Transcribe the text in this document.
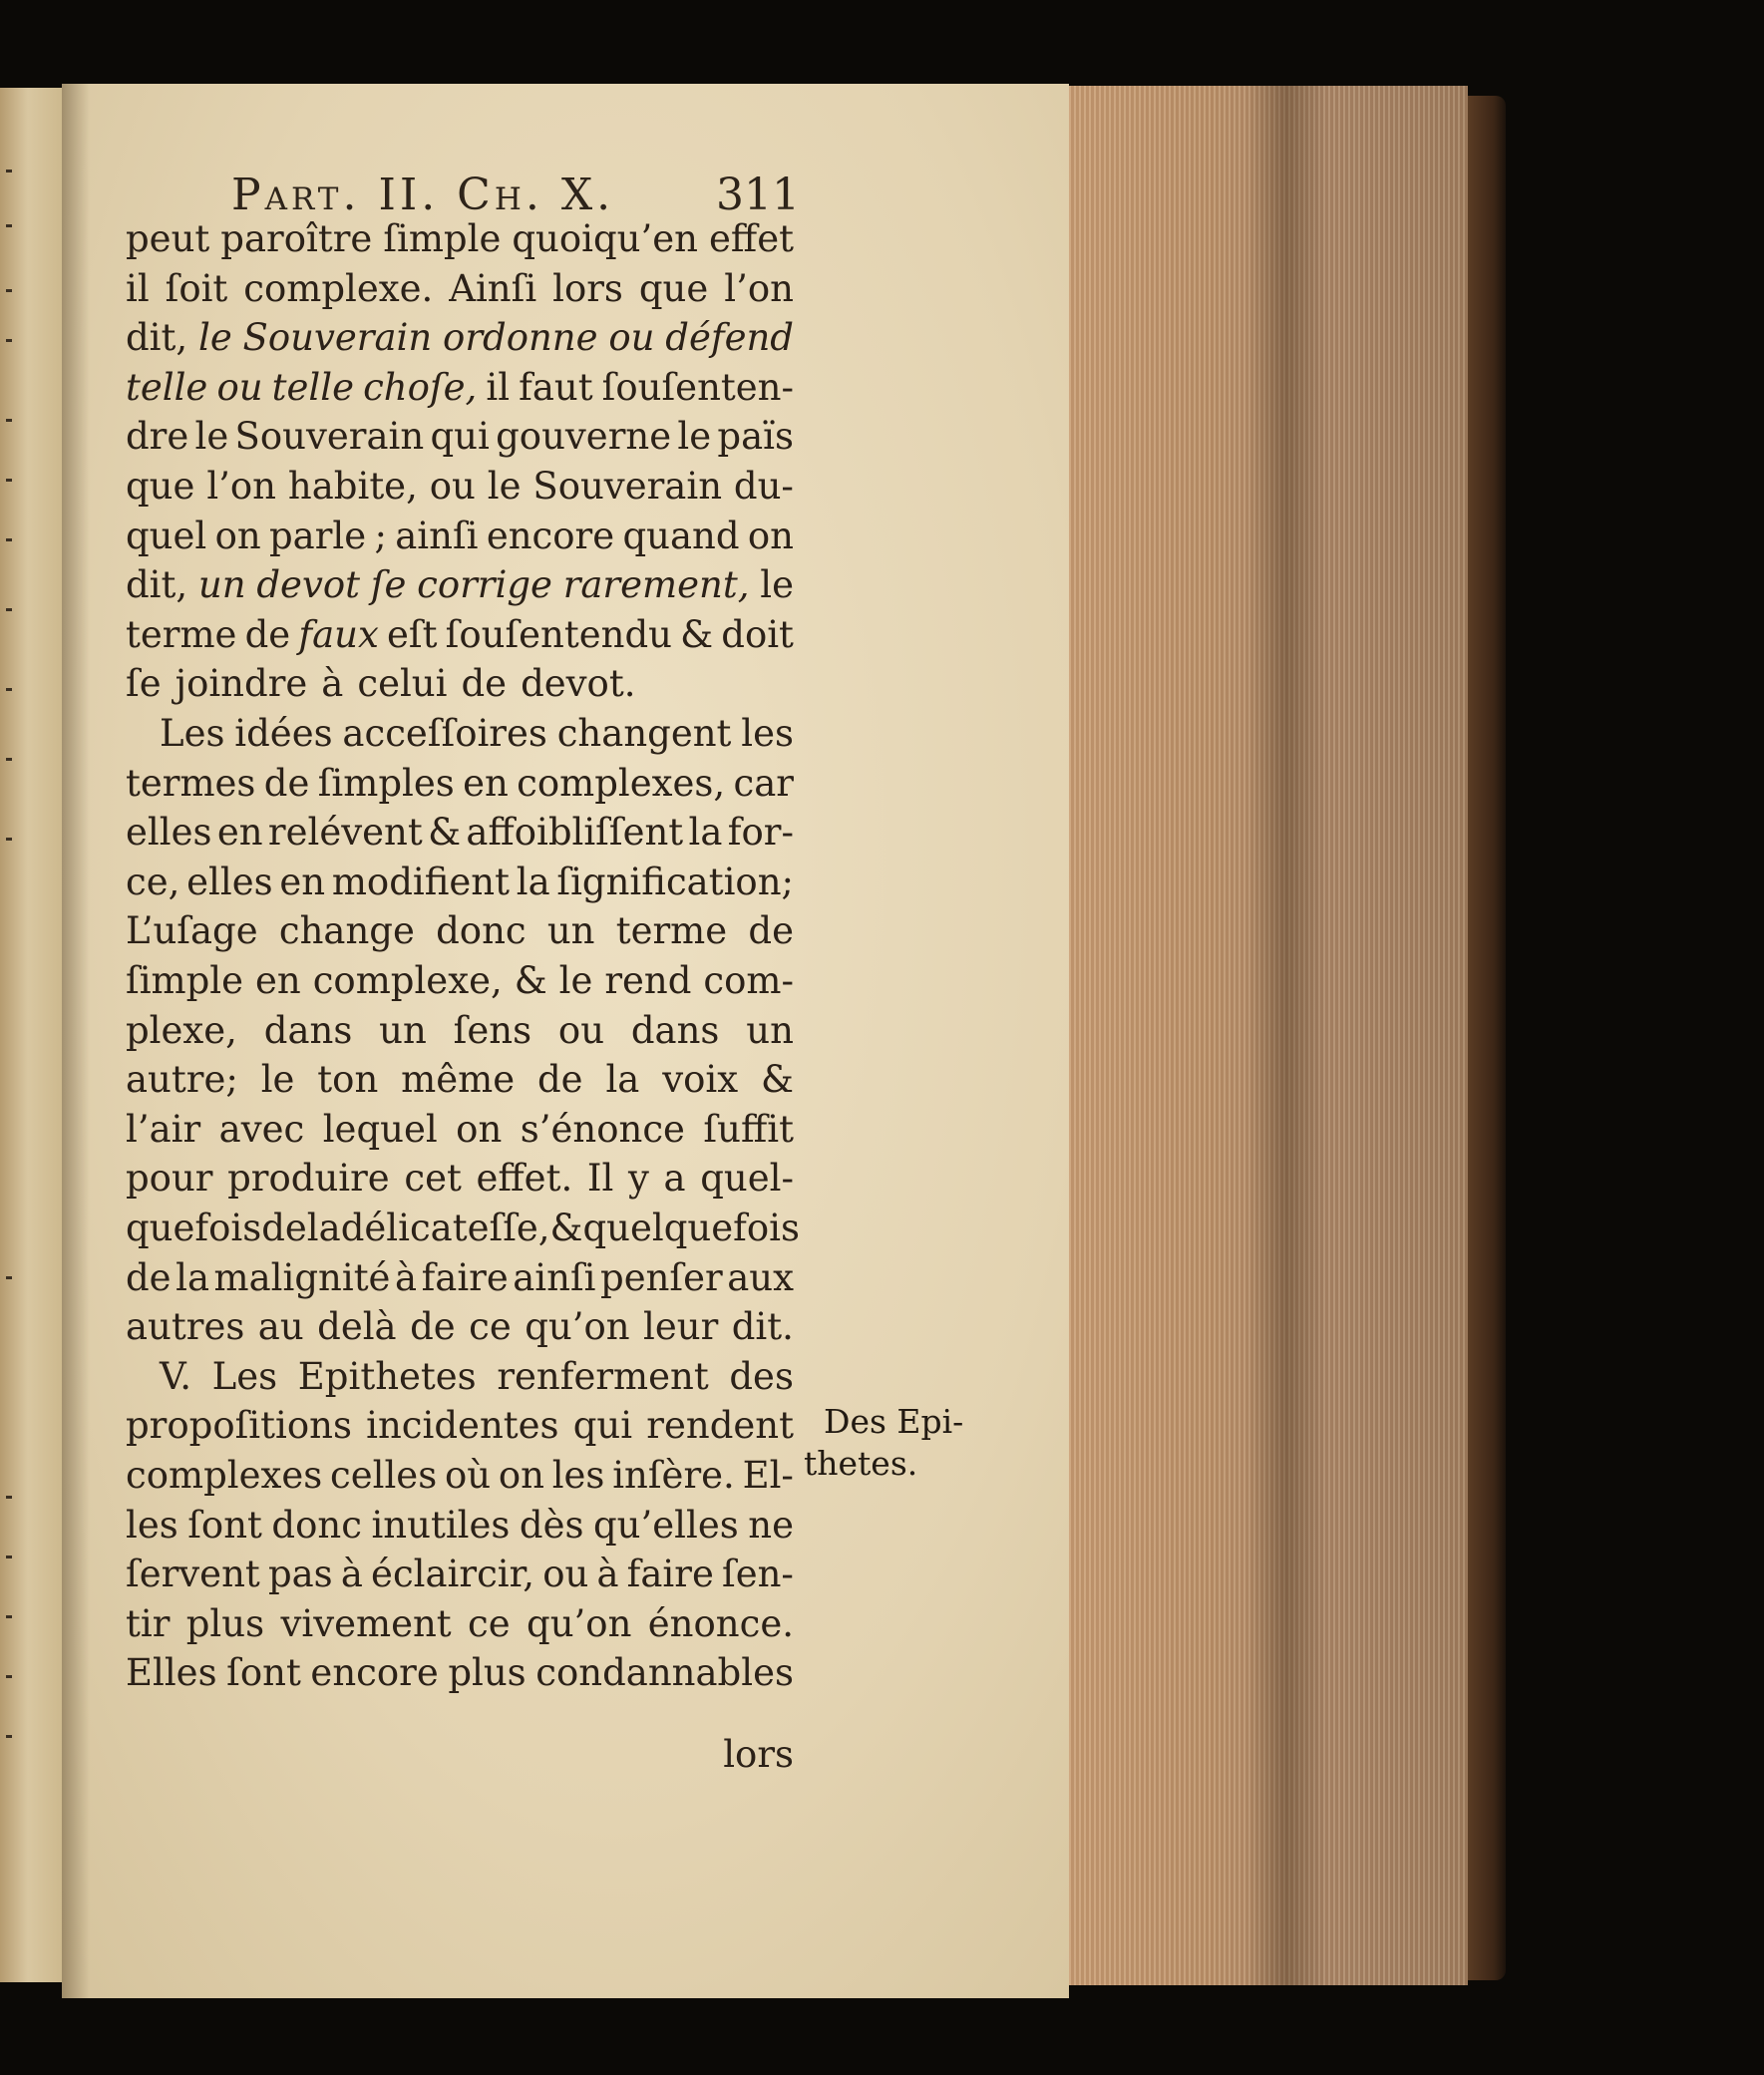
Part. II. Ch. X.	311
peut paroître ſimple quoiqu’en effet
il ſoit complexe. Ainſi lors que l’on
dit, le Souverain ordonne ou défend
telle ou telle choſe, il faut ſouſenten-
dre le Souverain qui gouverne le païs
que l’on habite, ou le Souverain du-
quel on parle ; ainſi encore quand on
dit, un devot ſe corrige rarement, le
terme de faux eſt ſouſentendu & doit
ſe joindre à celui de devot.
Les idées acceſſoires changent les
termes de ſimples en complexes, car
elles en relévent & affoibliſſent la for-
ce, elles en modifient la ſignification;
L’uſage change donc un terme de
ſimple en complexe, & le rend com-
plexe, dans un ſens ou dans un
autre; le ton même de la voix &
l’air avec lequel on s’énonce ſuffit
pour produire cet effet. Il y a quel-
quefois de la délicateſſe, & quelquefois
de la malignité à faire ainſi penſer aux
autres au delà de ce qu’on leur dit.
V. Les Epithetes renferment des
propoſitions incidentes qui rendent
complexes celles où on les inſère. El-
les ſont donc inutiles dès qu’elles ne
ſervent pas à éclaircir, ou à faire ſen-
tir plus vivement ce qu’on énonce.
Elles ſont encore plus condannables
lors
Des Epi-
thetes.
